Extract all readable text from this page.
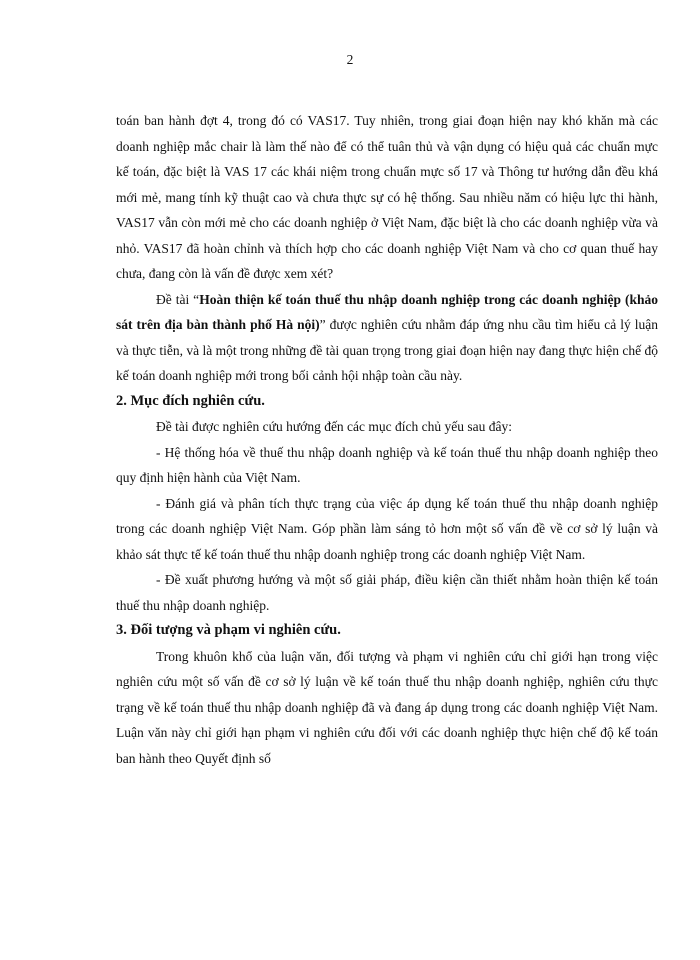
2

toán ban hành đợt 4, trong đó có VAS17. Tuy nhiên, trong giai đoạn hiện nay khó khăn mà các doanh nghiệp mắc chair là làm thế nào để có thể tuân thủ và vận dụng có hiệu quả các chuẩn mực kế toán, đặc biệt là VAS 17 các khái niệm trong chuẩn mực số 17 và Thông tư hướng dẫn đều khá mới mẻ, mang tính kỹ thuật cao và chưa thực sự có hệ thống. Sau nhiều năm có hiệu lực thi hành, VAS17 vẫn còn mới mẻ cho các doanh nghiệp ở Việt Nam, đặc biệt là cho các doanh nghiệp vừa và nhỏ. VAS17 đã hoàn chỉnh và thích hợp cho các doanh nghiệp Việt Nam và cho cơ quan thuế hay chưa, đang còn là vấn đề được xem xét?

Đề tài “Hoàn thiện kế toán thuế thu nhập doanh nghiệp trong các doanh nghiệp (khảo sát trên địa bàn thành phố Hà nội)” được nghiên cứu nhằm đáp ứng nhu cầu tìm hiểu cả lý luận và thực tiễn, và là một trong những đề tài quan trọng trong giai đoạn hiện nay đang thực hiện chế độ kế toán doanh nghiệp mới trong bối cảnh hội nhập toàn cầu này.

2. Mục đích nghiên cứu.

Đề tài được nghiên cứu hướng đến các mục đích chủ yếu sau đây:

- Hệ thống hóa về thuế thu nhập doanh nghiệp và kế toán thuế thu nhập doanh nghiệp theo quy định hiện hành của Việt Nam.

- Đánh giá và phân tích thực trạng của việc áp dụng kế toán thuế thu nhập doanh nghiệp trong các doanh nghiệp Việt Nam. Góp phần làm sáng tỏ hơn một số vấn đề về cơ sở lý luận và khảo sát thực tế kế toán thuế thu nhập doanh nghiệp trong các doanh nghiệp Việt Nam.

- Đề xuất phương hướng và một số giải pháp, điều kiện cần thiết nhằm hoàn thiện kế toán thuế thu nhập doanh nghiệp.

3. Đối tượng và phạm vi nghiên cứu.

Trong khuôn khổ của luận văn, đối tượng và phạm vi nghiên cứu chỉ giới hạn trong việc nghiên cứu một số vấn đề cơ sở lý luận về kế toán thuế thu nhập doanh nghiệp, nghiên cứu thực trạng về kế toán thuế thu nhập doanh nghiệp đã và đang áp dụng trong các doanh nghiệp Việt Nam. Luận văn này chỉ giới hạn phạm vi nghiên cứu đối với các doanh nghiệp thực hiện chế độ kế toán ban hành theo Quyết định số
